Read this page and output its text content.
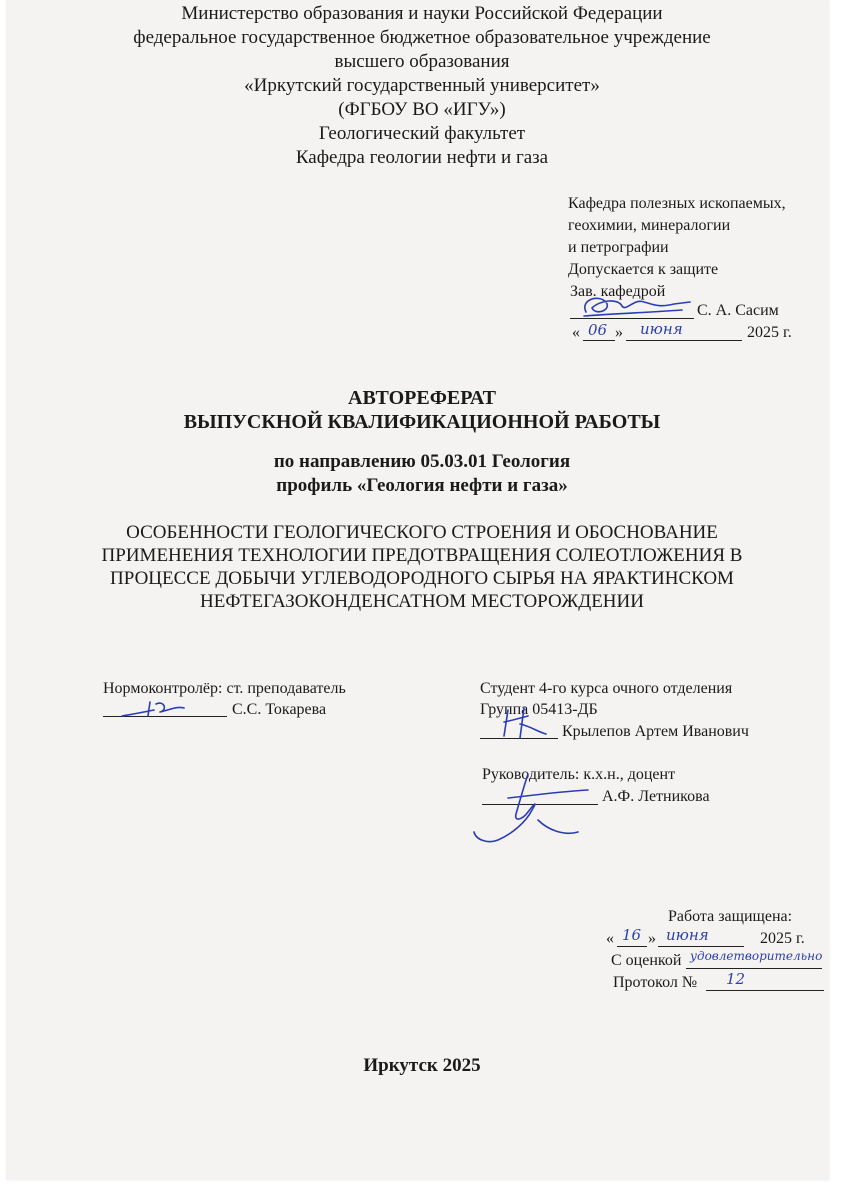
Министерство образования и науки Российской Федерации
федеральное государственное бюджетное образовательное учреждение
высшего образования
«Иркутский государственный университет»
(ФГБОУ ВО «ИГУ»)
Геологический факультет
Кафедра геологии нефти и газа
Кафедра полезных ископаемых,
геохимии, минералогии
и петрографии
Допускается к защите
Зав. кафедрой
С. А. Сасим
« 06 » июня	2025 г.
АВТОРЕФЕРАТ
ВЫПУСКНОЙ КВАЛИФИКАЦИОННОЙ РАБОТЫ
по направлению 05.03.01 Геология
профиль «Геология нефти и газа»
ОСОБЕННОСТИ ГЕОЛОГИЧЕСКОГО СТРОЕНИЯ И ОБОСНОВАНИЕ
ПРИМЕНЕНИЯ ТЕХНОЛОГИИ ПРЕДОТВРАЩЕНИЯ СОЛЕОТЛОЖЕНИЯ В
ПРОЦЕССЕ ДОБЫЧИ УГЛЕВОДОРОДНОГО СЫРЬЯ НА ЯРАКТИНСКОМ
НЕФТЕГАЗОКОНДЕНСАТНОМ МЕСТОРОЖДЕНИИ
Нормоконтролёр: ст. преподаватель
С.С. Токарева
Студент 4-го курса очного отделения
Группа 05413-ДБ
Крылепов Артем Иванович
Руководитель: к.х.н., доцент
А.Ф. Летникова
Работа защищена:
« 16 » июня	2025 г.
С оценкой удовлетворительно
Протокол № 12
Иркутск 2025
